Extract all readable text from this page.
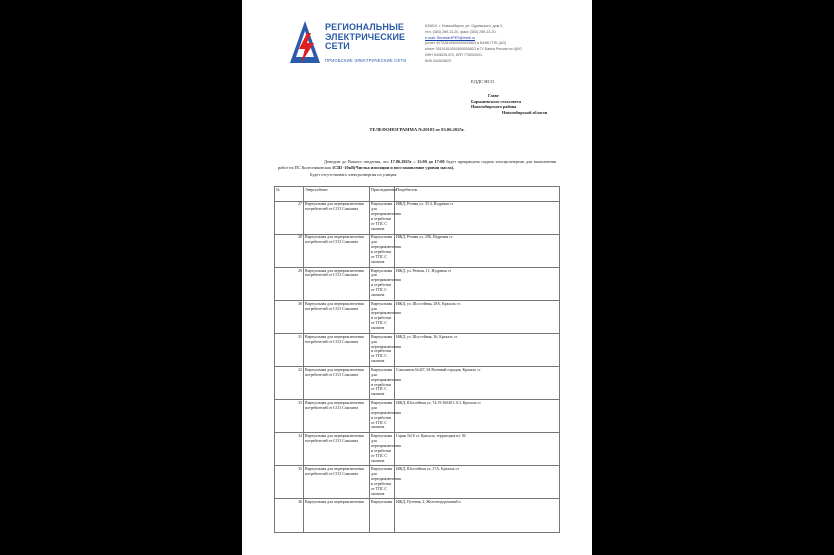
РЕГИОНАЛЬНЫЕ
ЭЛЕКТРИЧЕСКИЕ
СЕТИ
ПРИОБСКИЕ ЭЛЕКТРИЧЕСКИЕ СЕТИ
630810, г. Новосибирск, ул. Одоевского, дом 2,
тел. (383) 289-13-20, факс (383) 289-13-20,
e-mail: Secretar4PES@eseti.ru
р/счет 40702810500000003663 в БАНК ПТБ (АО)
к/счет 30101810000000000823 в ГУ Банка России по ЦФО
ИНН 5406291470, КПП 775000001,
БИК 044525823
ЕДДС НСО
Главе
Барышевского сельсовета
Новосибирского района
Новосибирской области
ТЕЛЕФОНОГРАММА №20103 от 03.06.2025г.
Доводим до Вашего сведения, что 17.06.2025г с 11:00 до 17:00 будет прекращена подача электроэнергии для выполнения работ на ПС Колесниковская 1СШ -10кВ(Чистка изоляции и восстановление уровня масла).
Будет отсутствовать электроэнергия по улицам:
№	Энергообъект	Присоединение	Потребитель
27	Виртуальная для переприключения потребителей от ССО Сокохина	Виртуальная для переприключения и отработки от ТПС С окохина	ИЖД, Речная ул, 33 4, Издревая ст
28	Виртуальная для переприключения потребителей от ССО Сокохина	Виртуальная для переприключения и отработки от ТПС С окохина	ИЖД, Речная ул, 29Б, Издревая ст
29	Виртуальная для переприключения потребителей от ССО Сокохина	Виртуальная для переприключения и отработки от ТПС С окохина	ИЖД, ул. Речная, 11, Издревая ст
30	Виртуальная для переприключения потребителей от ССО Сокохина	Виртуальная для переприключения и отработки от ТПС С окохина	ИЖД, ул. Шоссейная, 28А, Крахаль ст.
31	Виртуальная для переприключения потребителей от ССО Сокохина	Виртуальная для переприключения и отработки от ТПС С окохина	ИЖД, ул. Шоссейная, 36, Крахаль ст
32	Виртуальная для переприключения потребителей от ССО Сокохина	Виртуальная для переприключения и отработки от ТПС С окохина	Соколинов,№347, 94 Военный городок, Крахаль ст
33	Виртуальная для переприключения потребителей от ССО Сокохина	Виртуальная для переприключения и отработки от ТПС С окохина	ИЖД, Шоссейная ул, 74:19:160401:113, Крахаль ст
34	Виртуальная для переприключения потребителей от ССО Сокохина	Виртуальная для переприключения и отработки от ТПС С окохина	Гараж №10 ст. Крахаль, территория в/г 94
35	Виртуальная для переприключения потребителей от ССО Сокохина	Виртуальная для переприключения и отработки от ТПС С окохина	ИЖД, Шоссейная ул, 37А, Крахаль ст
36	Виртуальная для переприключения	Виртуальная	ИЖД, Путевая, 2, Железнодорожный п
